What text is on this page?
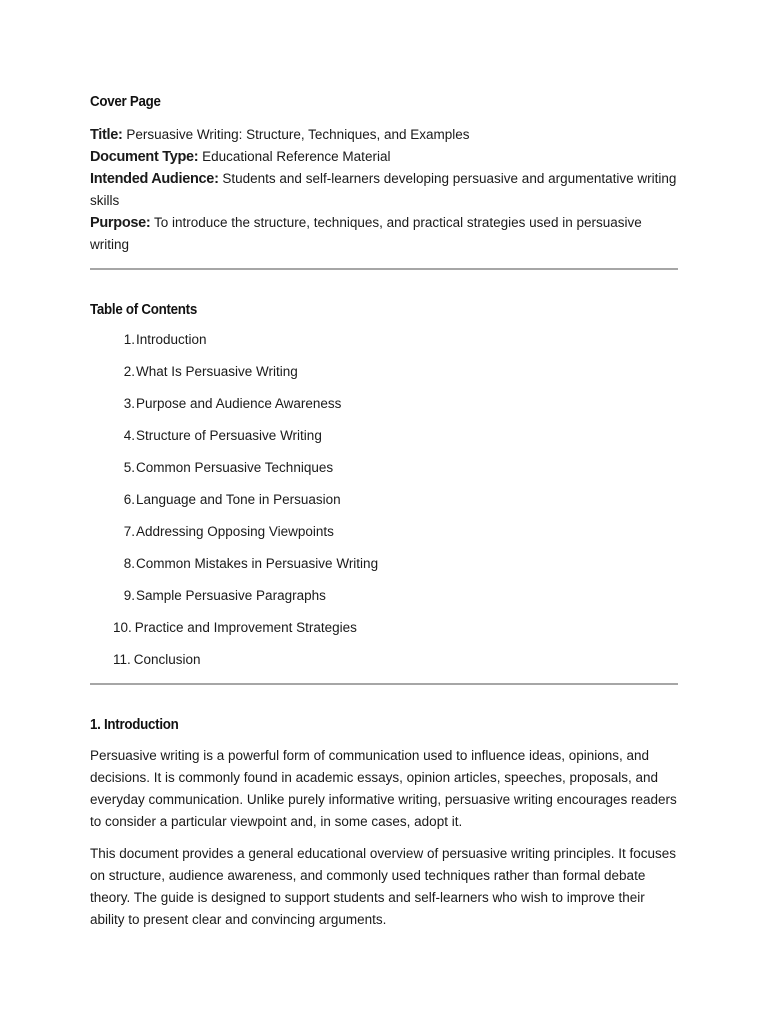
Cover Page

Title: Persuasive Writing: Structure, Techniques, and Examples

Document Type: Educational Reference Material

Intended Audience: Students and self-learners developing persuasive and argumentative writing skills

Purpose: To introduce the structure, techniques, and practical strategies used in persuasive writing

Table of Contents
1. Introduction
2. What Is Persuasive Writing
3. Purpose and Audience Awareness
4. Structure of Persuasive Writing
5. Common Persuasive Techniques
6. Language and Tone in Persuasion
7. Addressing Opposing Viewpoints
8. Common Mistakes in Persuasive Writing
9. Sample Persuasive Paragraphs
10. Practice and Improvement Strategies
11. Conclusion
1. Introduction

Persuasive writing is a powerful form of communication used to influence ideas, opinions, and decisions. It is commonly found in academic essays, opinion articles, speeches, proposals, and everyday communication. Unlike purely informative writing, persuasive writing encourages readers to consider a particular viewpoint and, in some cases, adopt it.

This document provides a general educational overview of persuasive writing principles. It focuses on structure, audience awareness, and commonly used techniques rather than formal debate theory. The guide is designed to support students and self-learners who wish to improve their ability to present clear and convincing arguments.
